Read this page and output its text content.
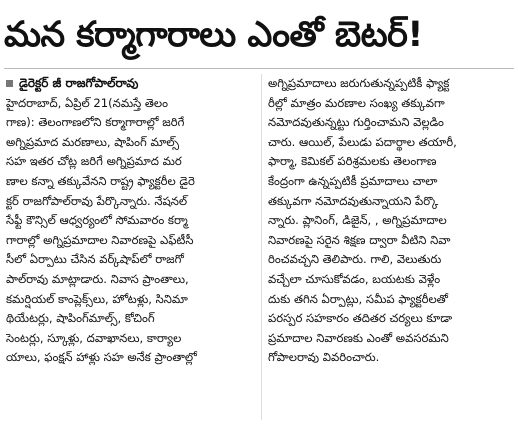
మన కర్మాగారాలు ఎంతో బెటర్!
డైరెక్టర్ జీ రాజగోపాల్‌రావు
హైదరాబాద్, ఏప్రిల్ 21(నమస్తే తెలం
గాణ): తెలంగాణలోని కర్మాగారాల్లో జరిగే
అగ్నిప్రమాద మరణాలు, షాపింగ్ మాల్స్
సహ ఇతర చోట్ల జరిగే అగ్నిప్రమాద మర
ణాల కన్నా తక్కువేనని రాష్ట్ర ఫ్యాక్టరీల డైరె
క్టర్ రాజగోపాల్‌రావు పేర్కొన్నారు. నేషనల్
సేఫ్టీ కౌన్సిల్ ఆధ్వర్యంలో సోమవారం కర్మా
గారాల్లో అగ్నిప్రమాదాల నివారణపై ఎఫ్‌టీసీ
సీలో ఏర్పాటు చేసిన వర్క్‌షాప్‌లో రాజగో
పాల్‌రావు మాట్లాడారు. నివాస ప్రాంతాలు,
కమర్షియల్ కాంప్లెక్స్‌లు, హోటళ్లు, సినిమా
థియేటర్లు, షాపింగ్‌మాల్స్, కోచింగ్
సెంటర్లు, స్కూళ్లు, దవాఖానలు, కార్యాల
యాలు, ఫంక్షన్ హాళ్లు సహ అనేక ప్రాంతాల్లో
అగ్నిప్రమాదాలు జరుగుతున్నప్పటికీ ఫ్యాక్ట
రీల్లో మాత్రం మరణాల సంఖ్య తక్కువగా
నమోదవుతున్నట్టు గుర్తించామని వెల్లడిం
చారు. ఆయిల్, పేలుడు పదార్థాల తయారీ,
ఫార్మా, కెమికల్ పరిశ్రమలకు తెలంగాణ
కేంద్రంగా ఉన్నప్పటికీ ప్రమాదాలు చాలా
తక్కువగా నమోదవుతున్నాయని పేర్కొ
న్నారు. ప్లానింగ్, డిజైన్, , అగ్నిప్రమాదాల
నివారణపై సరైన శిక్షణ ద్వారా వీటిని నివా
రించవచ్చని తెలిపారు. గాలి, వెలుతురు
వచ్చేలా చూసుకోవడం, బయటకు వెళ్లేం
దుకు తగిన ఏర్పాట్లు, సమీప ఫ్యాక్టరీలతో
పరస్పర సహకారం తదితర చర్యలు కూడా
ప్రమాదాల నివారణకు ఎంతో అవసరమని
గోపాలరావు వివరించారు.
